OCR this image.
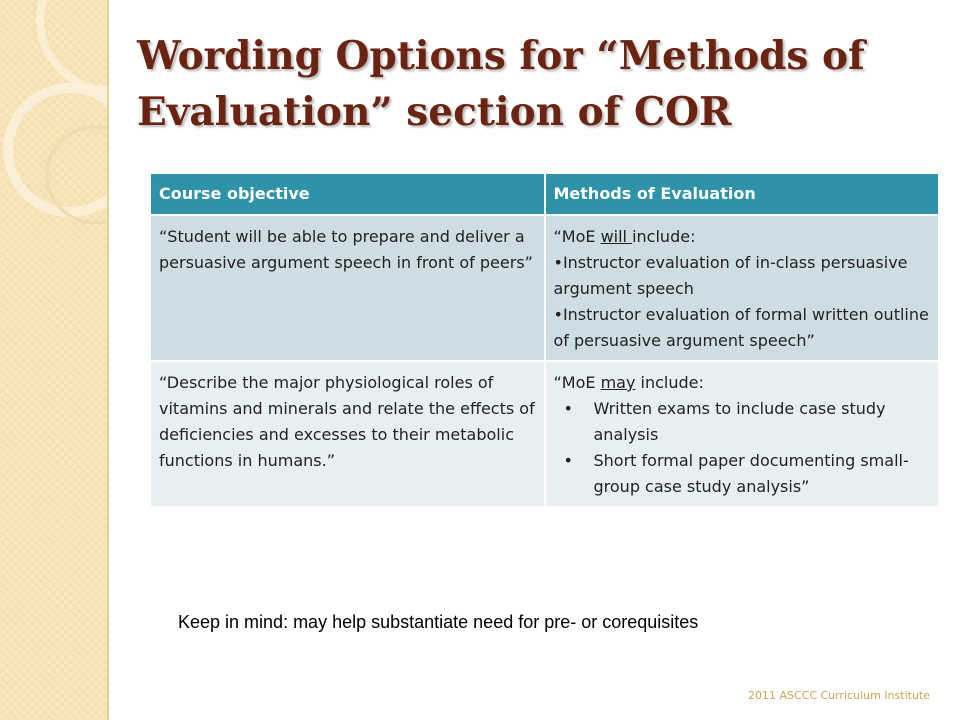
Wording Options for “Methods of Evaluation” section of COR
Course objective	Methods of Evaluation
“Student will be able to prepare and deliver a persuasive argument speech in front of peers”	“MoE will include:
•Instructor evaluation of in-class persuasive argument speech
•Instructor evaluation of formal written outline of persuasive argument speech”

“Describe the major physiological roles of vitamins and minerals and relate the effects of deficiencies and excesses to their metabolic functions in humans.”	“MoE may include:
• Written exams to include case study analysis
• Short formal paper documenting small-group case study analysis”
Keep in mind: may help substantiate need for pre- or corequisites
2011 ASCCC Curriculum Institute
